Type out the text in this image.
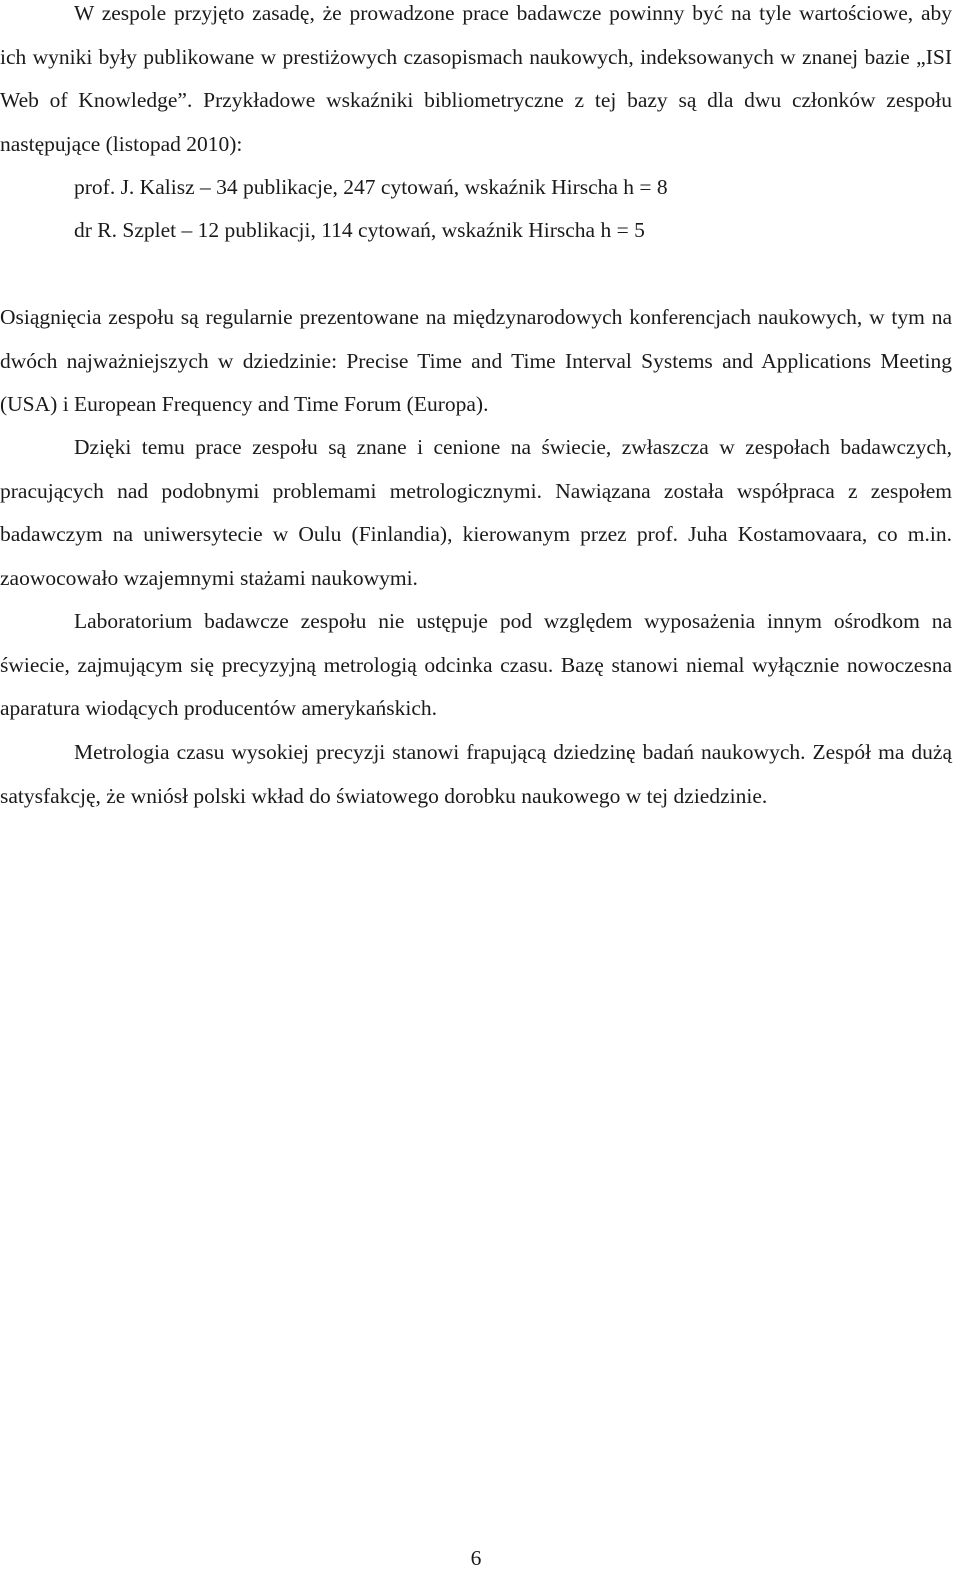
W zespole przyjęto zasadę, że prowadzone prace badawcze powinny być na tyle wartościowe, aby ich wyniki były publikowane w prestiżowych czasopismach naukowych, indeksowanych w znanej bazie „ISI Web of Knowledge”. Przykładowe wskaźniki bibliometryczne z tej bazy są dla dwu członków zespołu następujące (listopad 2010):

prof. J. Kalisz – 34 publikacje, 247 cytowań, wskaźnik Hirscha h = 8

dr R. Szplet – 12 publikacji, 114 cytowań, wskaźnik Hirscha h = 5

Osiągnięcia zespołu są regularnie prezentowane na międzynarodowych konferencjach naukowych, w tym na dwóch najważniejszych w dziedzinie: Precise Time and Time Interval Systems and Applications Meeting (USA) i European Frequency and Time Forum (Europa).

Dzięki temu prace zespołu są znane i cenione na świecie, zwłaszcza w zespołach badawczych, pracujących nad podobnymi problemami metrologicznymi. Nawiązana została współpraca z zespołem badawczym na uniwersytecie w Oulu (Finlandia), kierowanym przez prof. Juha Kostamovaara, co m.in. zaowocowało wzajemnymi stażami naukowymi.

Laboratorium badawcze zespołu nie ustępuje pod względem wyposażenia innym ośrodkom na świecie, zajmującym się precyzyjną metrologią odcinka czasu. Bazę stanowi niemal wyłącznie nowoczesna aparatura wiodących producentów amerykańskich.

Metrologia czasu wysokiej precyzji stanowi frapującą dziedzinę badań naukowych. Zespół ma dużą satysfakcję, że wniósł polski wkład do światowego dorobku naukowego w tej dziedzinie.

6
